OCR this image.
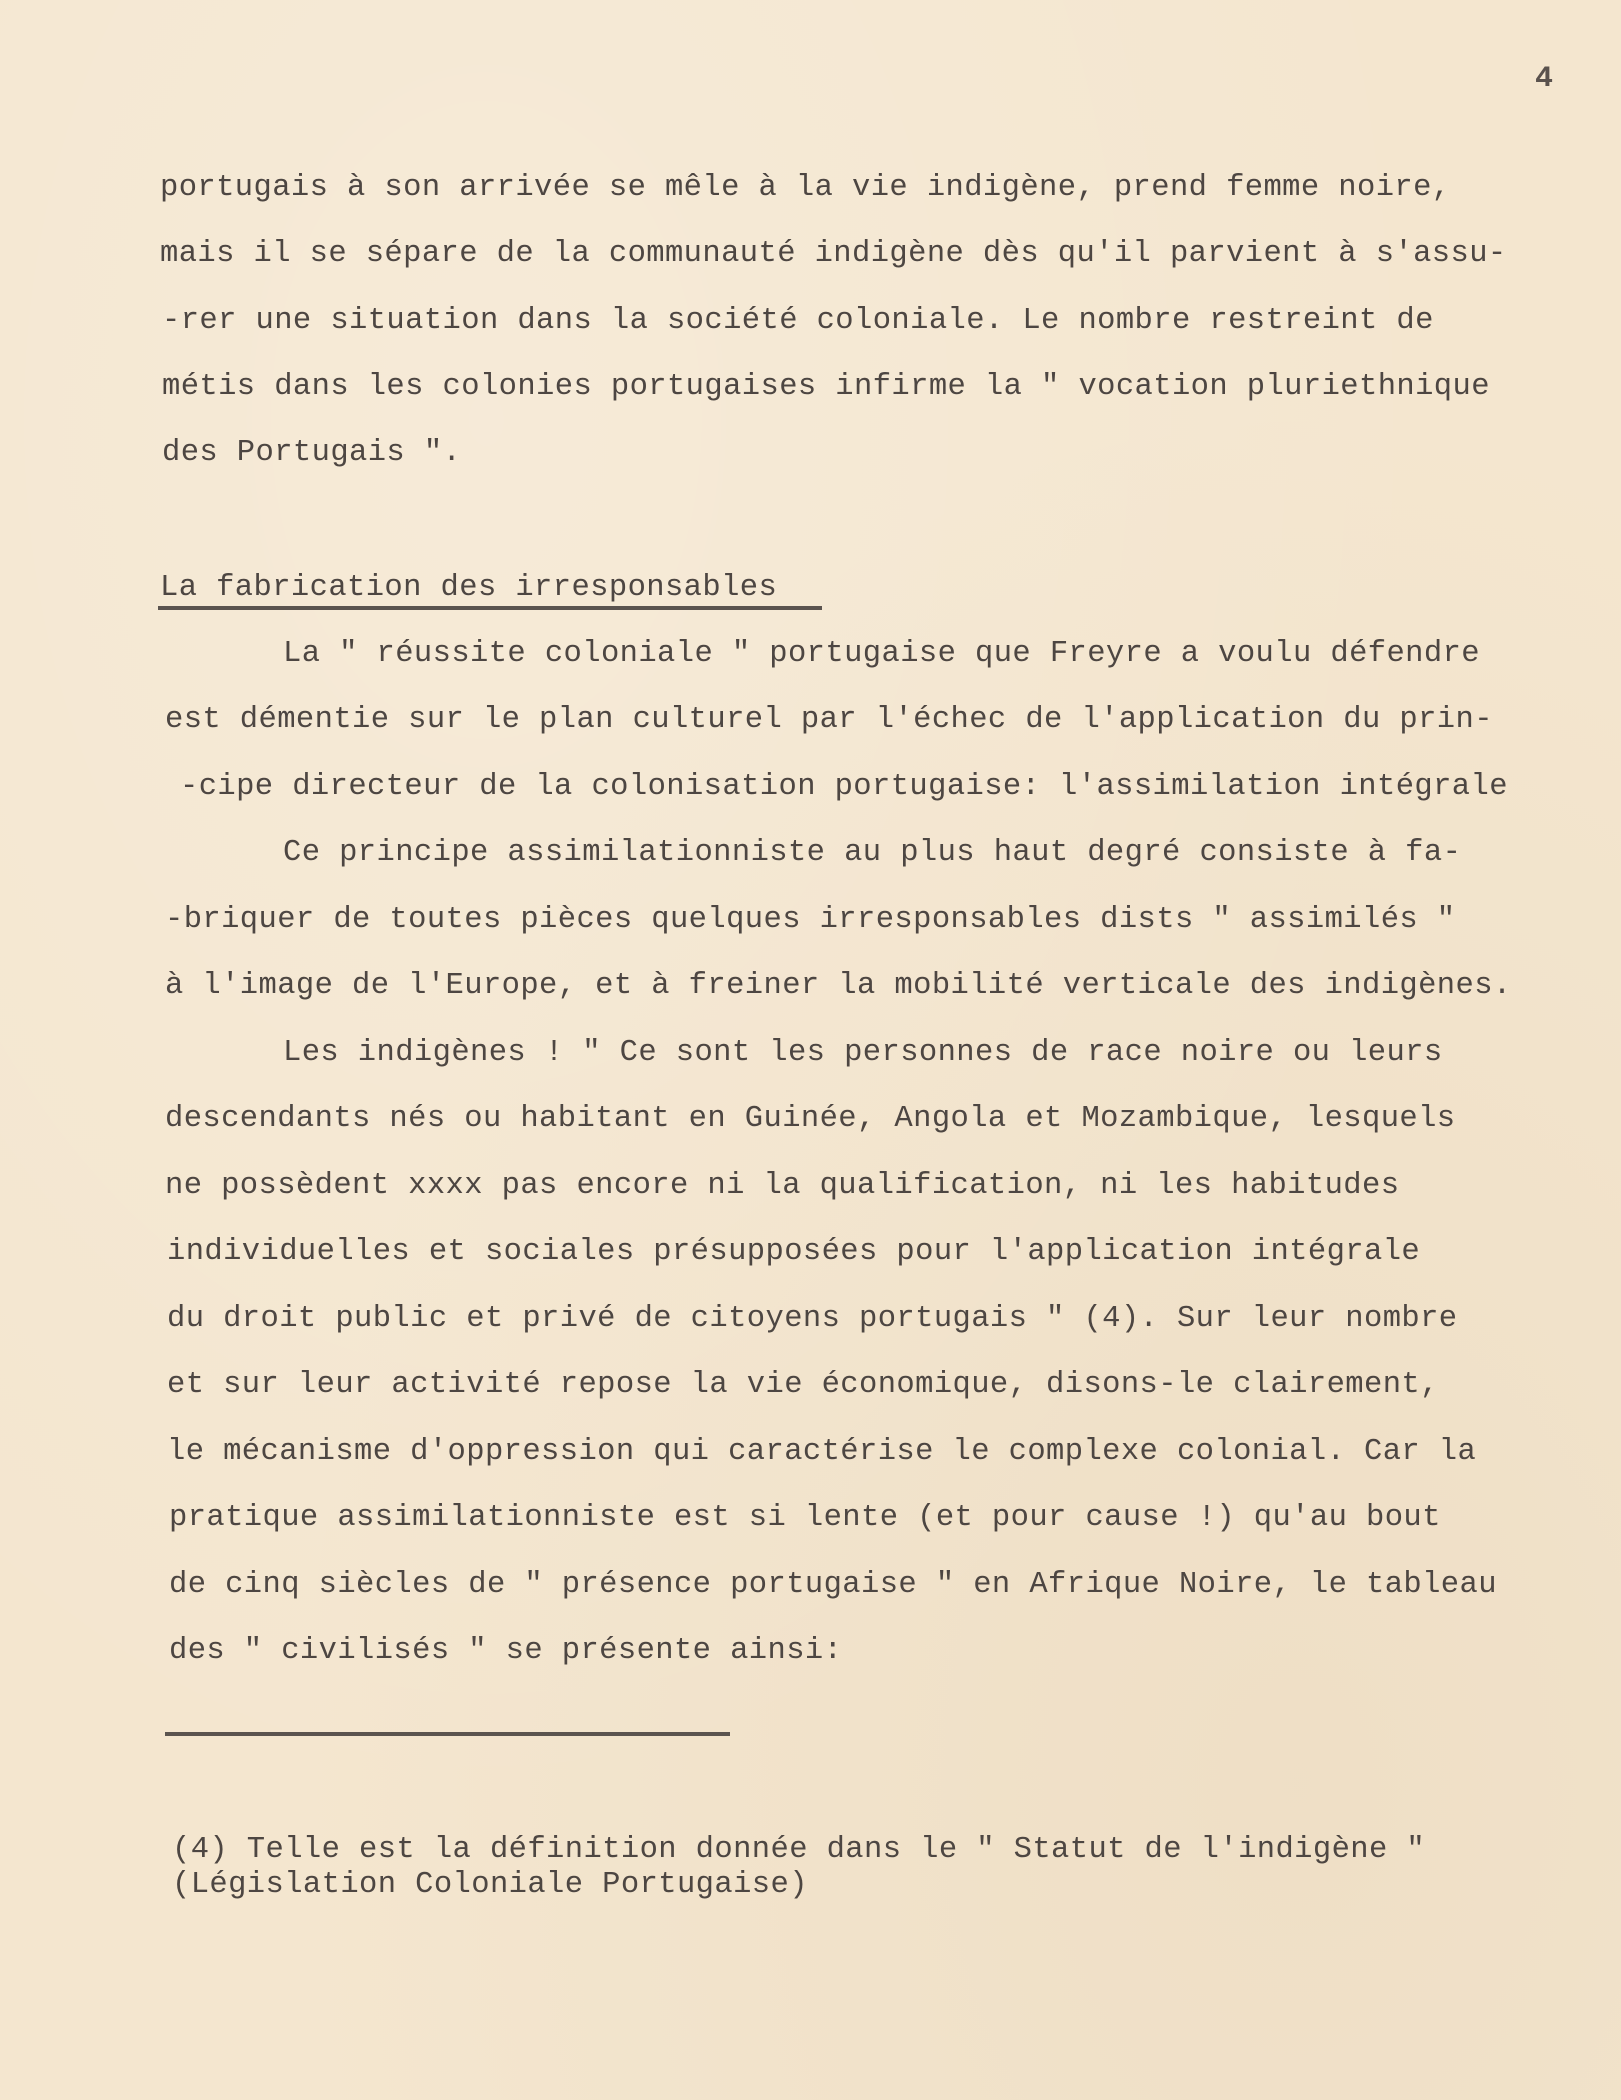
4
portugais à son arrivée se mêle à la vie indigène, prend femme noire,
mais il se sépare de la communauté indigène dès qu'il parvient à s'assu-
-rer une situation dans la société coloniale. Le nombre restreint de
métis dans les colonies portugaises infirme la " vocation pluriethnique
des Portugais ".
La fabrication des irresponsables
La " réussite coloniale " portugaise que Freyre a voulu défendre
est démentie sur le plan culturel par l'échec de l'application du prin-
-cipe directeur de la colonisation portugaise: l'assimilation intégrale
Ce principe assimilationniste au plus haut degré consiste à fa-
-briquer de toutes pièces quelques irresponsables dists " assimilés "
à l'image de l'Europe, et à freiner la mobilité verticale des indigènes.
Les indigènes ! " Ce sont les personnes de race noire ou leurs
descendants nés ou habitant en Guinée, Angola et Mozambique, lesquels
ne possèdent xxxx pas encore ni la qualification, ni les habitudes
individuelles et sociales présupposées pour l'application intégrale
du droit public et privé de citoyens portugais " (4). Sur leur nombre
et sur leur activité repose la vie économique, disons-le clairement,
le mécanisme d'oppression qui caractérise le complexe colonial. Car la
pratique assimilationniste est si lente (et pour cause !) qu'au bout
de cinq siècles de " présence portugaise " en Afrique Noire, le tableau
des " civilisés " se présente ainsi:
(4) Telle est la définition donnée dans le " Statut de l'indigène "
(Législation Coloniale Portugaise)
